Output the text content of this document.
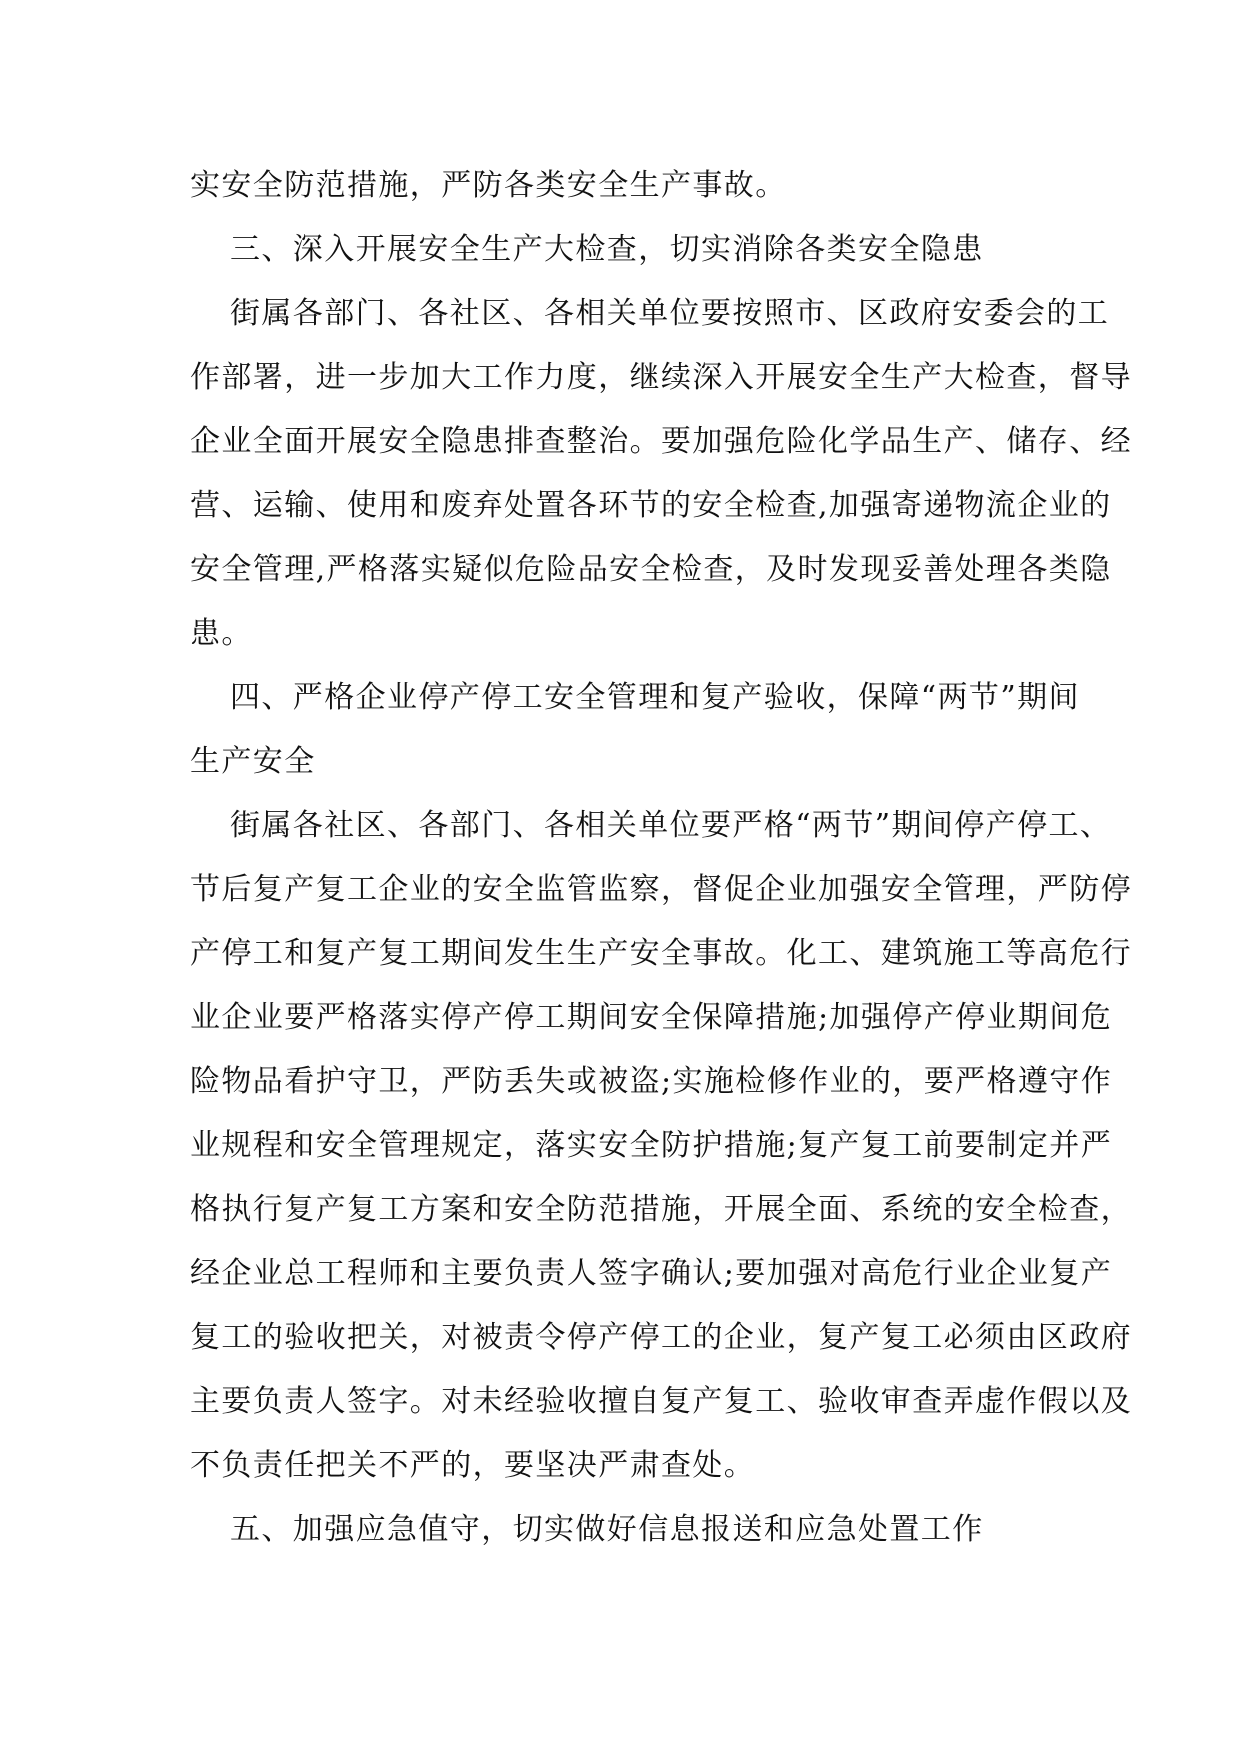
实安全防范措施，严防各类安全生产事故。
三、深入开展安全生产大检查，切实消除各类安全隐患
街属各部门、各社区、各相关单位要按照市、区政府安委会的工
作部署，进一步加大工作力度，继续深入开展安全生产大检查，督导
企业全面开展安全隐患排查整治。要加强危险化学品生产、储存、经
营、运输、使用和废弃处置各环节的安全检查,加强寄递物流企业的
安全管理,严格落实疑似危险品安全检查，及时发现妥善处理各类隐
患。
四、严格企业停产停工安全管理和复产验收，保障“两节”期间
生产安全
街属各社区、各部门、各相关单位要严格“两节”期间停产停工、
节后复产复工企业的安全监管监察，督促企业加强安全管理，严防停
产停工和复产复工期间发生生产安全事故。化工、建筑施工等高危行
业企业要严格落实停产停工期间安全保障措施;加强停产停业期间危
险物品看护守卫，严防丢失或被盗;实施检修作业的，要严格遵守作
业规程和安全管理规定，落实安全防护措施;复产复工前要制定并严
格执行复产复工方案和安全防范措施，开展全面、系统的安全检查，
经企业总工程师和主要负责人签字确认;要加强对高危行业企业复产
复工的验收把关，对被责令停产停工的企业，复产复工必须由区政府
主要负责人签字。对未经验收擅自复产复工、验收审查弄虚作假以及
不负责任把关不严的，要坚决严肃查处。
五、加强应急值守，切实做好信息报送和应急处置工作
